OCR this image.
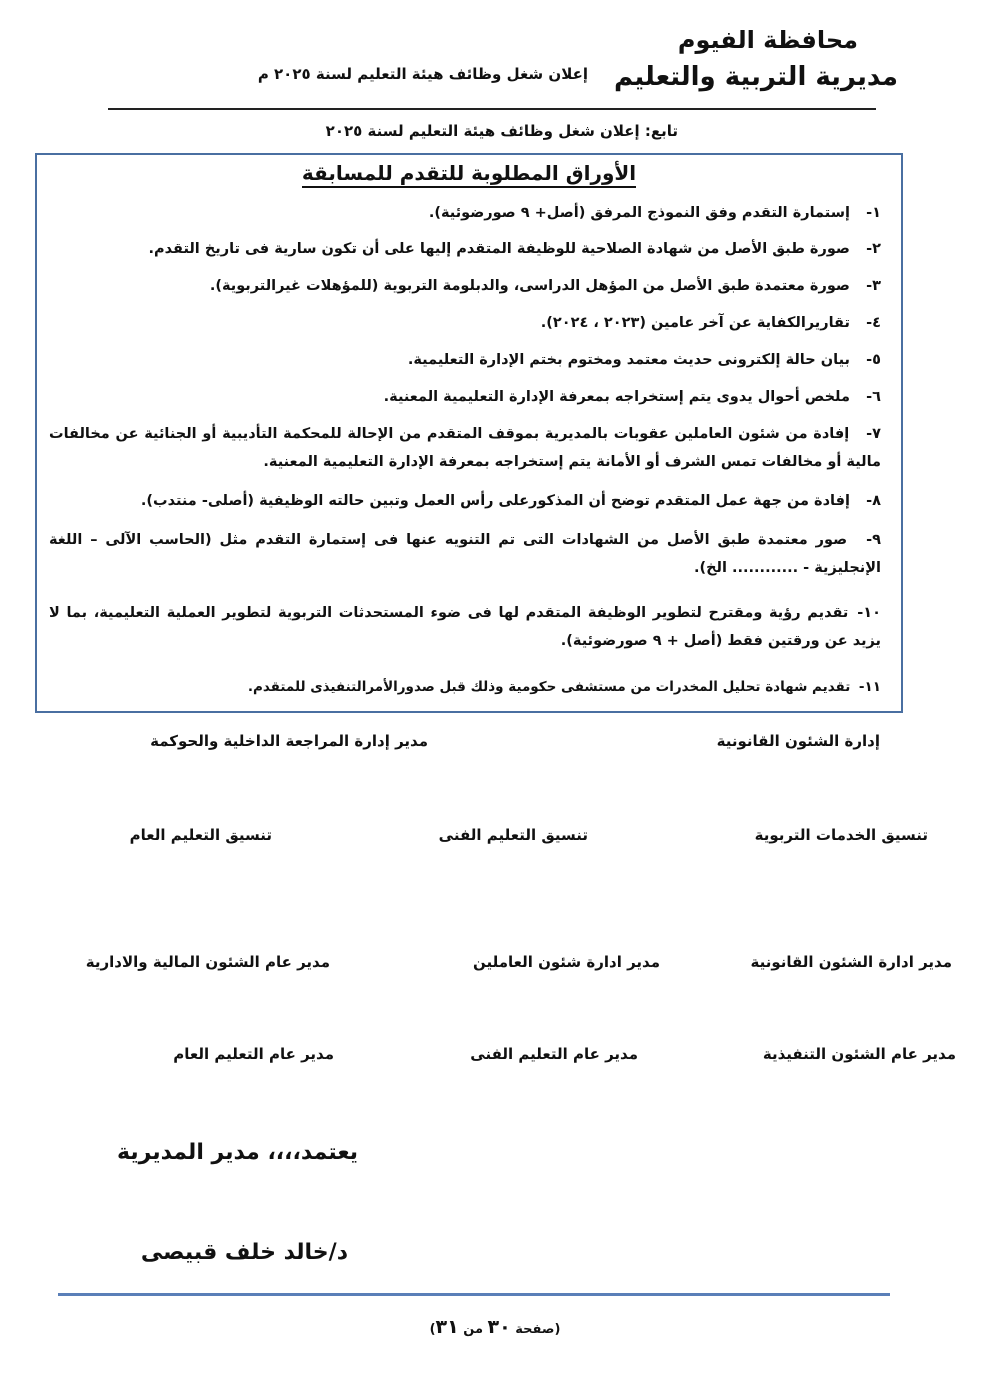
محافظة الفيوم
مديرية التربية والتعليم
إعلان شغل وظائف هيئة التعليم لسنة ٢٠٢٥ م
تابع: إعلان شغل وظائف هيئة التعليم لسنة ٢٠٢٥
الأوراق المطلوبة للتقدم للمسابقة
١- إستمارة التقدم وفق النموذج المرفق (أصل+ ٩ صورضوئية).
٢- صورة طبق الأصل من شهادة الصلاحية للوظيفة المتقدم إليها على أن تكون سارية فى تاريخ التقدم.
٣- صورة معتمدة طبق الأصل من المؤهل الدراسى، والدبلومة التربوية (للمؤهلات غيرالتربوية).
٤- تقاريرالكفاية عن آخر عامين (٢٠٢٣ ، ٢٠٢٤).
٥- بيان حالة إلكترونى حديث معتمد ومختوم بختم الإدارة التعليمية.
٦- ملخص أحوال يدوى يتم إستخراجه بمعرفة الإدارة التعليمية المعنية.
٧- إفادة من شئون العاملين عقوبات بالمديرية بموقف المتقدم من الإحالة للمحكمة التأديبية أو الجنائية عن مخالفات مالية أو مخالفات تمس الشرف أو الأمانة يتم إستخراجه بمعرفة الإدارة التعليمية المعنية.
٨- إفادة من جهة عمل المتقدم توضح أن المذكورعلى رأس العمل وتبين حالته الوظيفية (أصلى- منتدب).
٩- صور معتمدة طبق الأصل من الشهادات التى تم التنويه عنها فى إستمارة التقدم مثل (الحاسب الآلى – اللغة الإنجليزية - ............ الخ).
١٠- تقديم رؤية ومقترح لتطوير الوظيفة المتقدم لها فى ضوء المستحدثات التربوية لتطوير العملية التعليمية، بما لا يزيد عن ورقتين فقط (أصل + ٩ صورضوئية).
١١- تقديم شهادة تحليل المخدرات من مستشفى حكومية وذلك قبل صدورالأمرالتنفيذى للمتقدم.
إدارة الشئون القانونية
مدير إدارة المراجعة الداخلية والحوكمة
تنسيق الخدمات التربوية
تنسيق التعليم الفنى
تنسيق التعليم العام
مدير ادارة الشئون القانونية
مدير ادارة شئون العاملين
مدير عام الشئون المالية والادارية
مدير عام الشئون التنفيذية
مدير عام التعليم الفنى
مدير عام التعليم العام
يعتمد،،،، مدير المديرية
د/خالد خلف قبيصى
(صفحة ٣٠ من ٣١)
